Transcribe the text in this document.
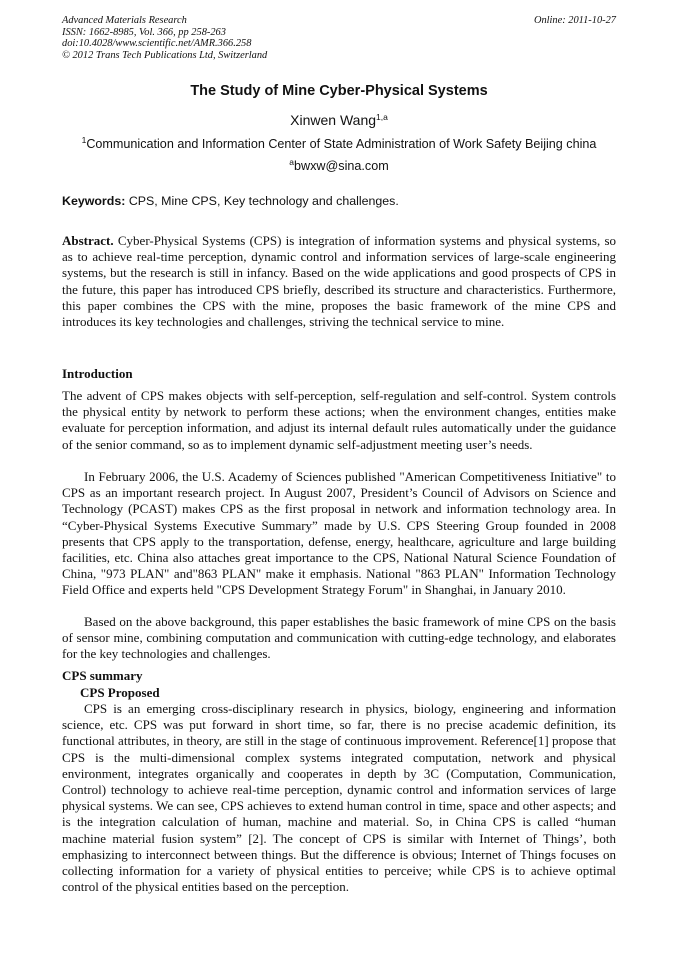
Advanced Materials Research
ISSN: 1662-8985, Vol. 366, pp 258-263
doi:10.4028/www.scientific.net/AMR.366.258
© 2012 Trans Tech Publications Ltd, Switzerland
Online: 2011-10-27
The Study of Mine Cyber-Physical Systems
Xinwen Wang$^{1,a}$
$^1$Communication and Information Center of State Administration of Work Safety Beijing china
$^a$bwxw@sina.com
Keywords: CPS, Mine CPS, Key technology and challenges.

Abstract. Cyber-Physical Systems (CPS) is integration of information systems and physical systems, so as to achieve real-time perception, dynamic control and information services of large-scale engineering systems, but the research is still in infancy. Based on the wide applications and good prospects of CPS in the future, this paper has introduced CPS briefly, described its structure and characteristics. Furthermore, this paper combines the CPS with the mine, proposes the basic framework of the mine CPS and introduces its key technologies and challenges, striving the technical service to mine.

Introduction

The advent of CPS makes objects with self-perception, self-regulation and self-control. System controls the physical entity by network to perform these actions; when the environment changes, entities make evaluate for perception information, and adjust its internal default rules automatically under the guidance of the senior command, so as to implement dynamic self-adjustment meeting user’s needs.

In February 2006, the U.S. Academy of Sciences published "American Competitiveness Initiative" to CPS as an important research project. In August 2007, President’s Council of Advisors on Science and Technology (PCAST) makes CPS as the first proposal in network and information technology area. In “Cyber-Physical Systems Executive Summary” made by U.S. CPS Steering Group founded in 2008 presents that CPS apply to the transportation, defense, energy, healthcare, agriculture and large building facilities, etc. China also attaches great importance to the CPS, National Natural Science Foundation of China, "973 PLAN" and"863 PLAN" make it emphasis. National "863 PLAN" Information Technology Field Office and experts held "CPS Development Strategy Forum" in Shanghai, in January 2010.

Based on the above background, this paper establishes the basic framework of mine CPS on the basis of sensor mine, combining computation and communication with cutting-edge technology, and elaborates for the key technologies and challenges.

CPS summary

CPS Proposed

CPS is an emerging cross-disciplinary research in physics, biology, engineering and information science, etc. CPS was put forward in short time, so far, there is no precise academic definition, its functional attributes, in theory, are still in the stage of continuous improvement. Reference[1] propose that CPS is the multi-dimensional complex systems integrated computation, network and physical environment, integrates organically and cooperates in depth by 3C (Computation, Communication, Control) technology to achieve real-time perception, dynamic control and information services of large physical systems. We can see, CPS achieves to extend human control in time, space and other aspects; and is the integration calculation of human, machine and material. So, in China CPS is called “human machine material fusion system” [2]. The concept of CPS is similar with Internet of Things’, both emphasizing to interconnect between things. But the difference is obvious; Internet of Things focuses on collecting information for a variety of physical entities to perceive; while CPS is to achieve optimal control of the physical entities based on the perception.
